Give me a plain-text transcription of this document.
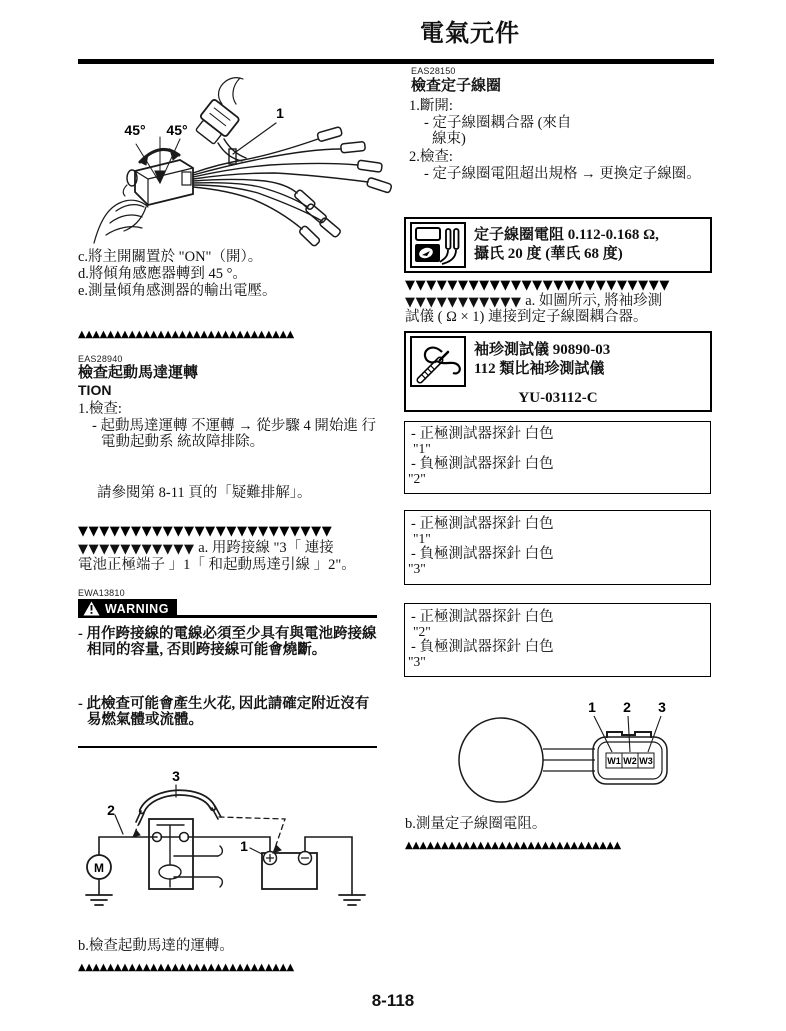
電氣元件
45° 45°
1
c.將主開關置於 "ON"（開）。
d.將傾角感應器轉到 45 °。
e.測量傾角感測器的輸出電壓。
▲▲▲▲▲▲▲▲▲▲▲▲▲▲▲▲▲▲▲▲▲▲▲▲▲▲▲▲▲▲
EAS28940
檢查起動馬達運轉
TION
1.檢查:
- 起動馬達運轉 不運轉 → 從步驟 4 開始進 行電動起動系 統故障排除。
請參閱第 8-11 頁的「疑難排解」。
▼▼▼▼▼▼▼▼▼▼▼▼▼▼▼▼▼▼▼▼▼▼▼▼
▼▼▼▼▼▼▼▼▼▼▼ a. 用跨接線 "3「 連接
電池正極端子 」1「 和起動馬達引線 」2"。
EWA13810
WARNING
- 用作跨接線的電線必須至少具有與電池跨接線 相同的容量, 否則跨接線可能會燒斷。
- 此檢查可能會產生火花, 因此請確定附近沒有 易燃氣體或流體。
3
2
1
M
b.檢查起動馬達的運轉。
▲▲▲▲▲▲▲▲▲▲▲▲▲▲▲▲▲▲▲▲▲▲▲▲▲▲▲▲▲▲
8-118
EAS28150
檢查定子線圈
1.斷開:
- 定子線圈耦合器 (來自
線束)
2.檢查:
- 定子線圈電阻超出規格 → 更換定子線圈。
定子線圈電阻 0.112-0.168 Ω,
攝氏 20 度 (華氏 68 度)
▼▼▼▼▼▼▼▼▼▼▼▼▼▼▼▼▼▼▼▼▼▼▼▼▼
▼▼▼▼▼▼▼▼▼▼▼ a. 如圖所示, 將袖珍測
試儀 ( Ω × 1) 連接到定子線圈耦合器。
袖珍測試儀 90890-03
112 類比袖珍測試儀
YU-03112-C
- 正極測試器探針 白色
"1"
- 負極測試器探針 白色
"2"
- 正極測試器探針 白色
"1"
- 負極測試器探針 白色
"3"
- 正極測試器探針 白色
"2"
- 負極測試器探針 白色
"3"
1 2 3
W1 W2 W3
b.測量定子線圈電阻。
▲▲▲▲▲▲▲▲▲▲▲▲▲▲▲▲▲▲▲▲▲▲▲▲▲▲▲▲▲▲
